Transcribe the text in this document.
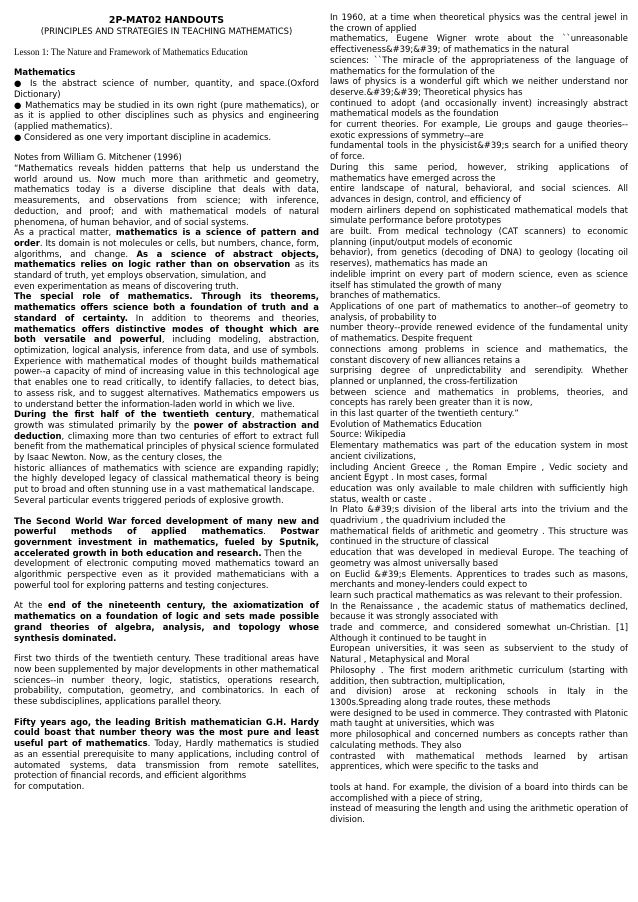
2P-MAT02 HANDOUTS

(PRINCIPLES AND STRATEGIES IN TEACHING MATHEMATICS)

Lesson 1: The Nature and Framework of Mathematics Education

Mathematics

● Is the abstract science of number, quantity, and space.(Oxford Dictionary)

● Mathematics may be studied in its own right (pure mathematics), or as it is applied to other disciplines such as physics and engineering (applied mathematics).

● Considered as one very important discipline in academics.

Notes from William G. Mitchener (1996)

“Mathematics reveals hidden patterns that help us understand the world around us. Now much more than arithmetic and geometry, mathematics today is a diverse discipline that deals with data, measurements, and observations from science; with inference, deduction, and proof; and with mathematical models of natural phenomena, of human behavior, and of social systems.

As a practical matter, mathematics is a science of pattern and order. Its domain is not molecules or cells, but numbers, chance, form, algorithms, and change. As a science of abstract objects, mathematics relies on logic rather than on observation as its standard of truth, yet employs observation, simulation, and

even experimentation as means of discovering truth.

The special role of mathematics. Through its theorems, mathematics offers science both a foundation of truth and a standard of certainty. In addition to theorems and theories, mathematics offers distinctive modes of thought which are both versatile and powerful, including modeling, abstraction, optimization, logical analysis, inference from data, and use of symbols. Experience with mathematical modes of thought builds mathematical power--a capacity of mind of increasing value in this technological age that enables one to read critically, to identify fallacies, to detect bias, to assess risk, and to suggest alternatives. Mathematics empowers us to understand better the information-laden world in which we live.

During the first half of the twentieth century, mathematical growth was stimulated primarily by the power of abstraction and deduction, climaxing more than two centuries of effort to extract full benefit from the mathematical principles of physical science formulated by Isaac Newton. Now, as the century closes, the

historic alliances of mathematics with science are expanding rapidly; the highly developed legacy of classical mathematical theory is being put to broad and often stunning use in a vast mathematical landscape.

Several particular events triggered periods of explosive growth.

The Second World War forced development of many new and powerful methods of applied mathematics. Postwar government investment in mathematics, fueled by Sputnik, accelerated growth in both education and research. Then the

development of electronic computing moved mathematics toward an algorithmic perspective even as it provided mathematicians with a powerful tool for exploring patterns and testing conjectures.

At the end of the nineteenth century, the axiomatization of mathematics on a foundation of logic and sets made possible grand theories of algebra, analysis, and topology whose synthesis dominated.

First two thirds of the twentieth century. These traditional areas have now been supplemented by major developments in other mathematical sciences--in number theory, logic, statistics, operations research, probability, computation, geometry, and combinatorics. In each of these subdisciplines, applications parallel theory.

Fifty years ago, the leading British mathematician G.H. Hardy could boast that number theory was the most pure and least useful part of mathematics. Today, Hardly mathematics is studied as an essential prerequisite to many applications, including control of automated systems, data transmission from remote satellites, protection of financial records, and efficient algorithms

for computation.

In 1960, at a time when theoretical physics was the central jewel in the crown of applied

mathematics, Eugene Wigner wrote about the ``unreasonable effectiveness&#39;&#39; of mathematics in the natural

sciences: ``The miracle of the appropriateness of the language of mathematics for the formulation of the

laws of physics is a wonderful gift which we neither understand nor deserve.&#39;&#39; Theoretical physics has

continued to adopt (and occasionally invent) increasingly abstract mathematical models as the foundation

for current theories. For example, Lie groups and gauge theories--exotic expressions of symmetry--are

fundamental tools in the physicist&#39;s search for a unified theory of force.

During this same period, however, striking applications of mathematics have emerged across the

entire landscape of natural, behavioral, and social sciences. All advances in design, control, and efficiency of

modern airliners depend on sophisticated mathematical models that simulate performance before prototypes

are built. From medical technology (CAT scanners) to economic planning (input/output models of economic

behavior), from genetics (decoding of DNA) to geology (locating oil reserves), mathematics has made an

indelible imprint on every part of modern science, even as science itself has stimulated the growth of many

branches of mathematics.

Applications of one part of mathematics to another--of geometry to analysis, of probability to

number theory--provide renewed evidence of the fundamental unity of mathematics. Despite frequent

connections among problems in science and mathematics, the constant discovery of new alliances retains a

surprising degree of unpredictability and serendipity. Whether planned or unplanned, the cross-fertilization

between science and mathematics in problems, theories, and concepts has rarely been greater than it is now,

in this last quarter of the twentieth century.”

Evolution of Mathematics Education

Source: Wikipedia

Elementary mathematics was part of the education system in most ancient civilizations,

including Ancient Greece , the Roman Empire , Vedic society and ancient Egypt . In most cases, formal

education was only available to male children with sufficiently high status, wealth or caste .

In Plato &#39;s division of the liberal arts into the trivium and the quadrivium , the quadrivium included the

mathematical fields of arithmetic and geometry . This structure was continued in the structure of classical

education that was developed in medieval Europe. The teaching of geometry was almost universally based

on Euclid &#39;s Elements. Apprentices to trades such as masons, merchants and money-lenders could expect to

learn such practical mathematics as was relevant to their profession.

In the Renaissance , the academic status of mathematics declined, because it was strongly associated with

trade and commerce, and considered somewhat un-Christian. [1] Although it continued to be taught in

European universities, it was seen as subservient to the study of Natural , Metaphysical and Moral

Philosophy . The first modern arithmetic curriculum (starting with addition, then subtraction, multiplication,

and division) arose at reckoning schools in Italy in the 1300s.Spreading along trade routes, these methods

were designed to be used in commerce. They contrasted with Platonic math taught at universities, which was

more philosophical and concerned numbers as concepts rather than calculating methods. They also

contrasted with mathematical methods learned by artisan apprentices, which were specific to the tasks and

tools at hand. For example, the division of a board into thirds can be accomplished with a piece of string,

instead of measuring the length and using the arithmetic operation of division.
